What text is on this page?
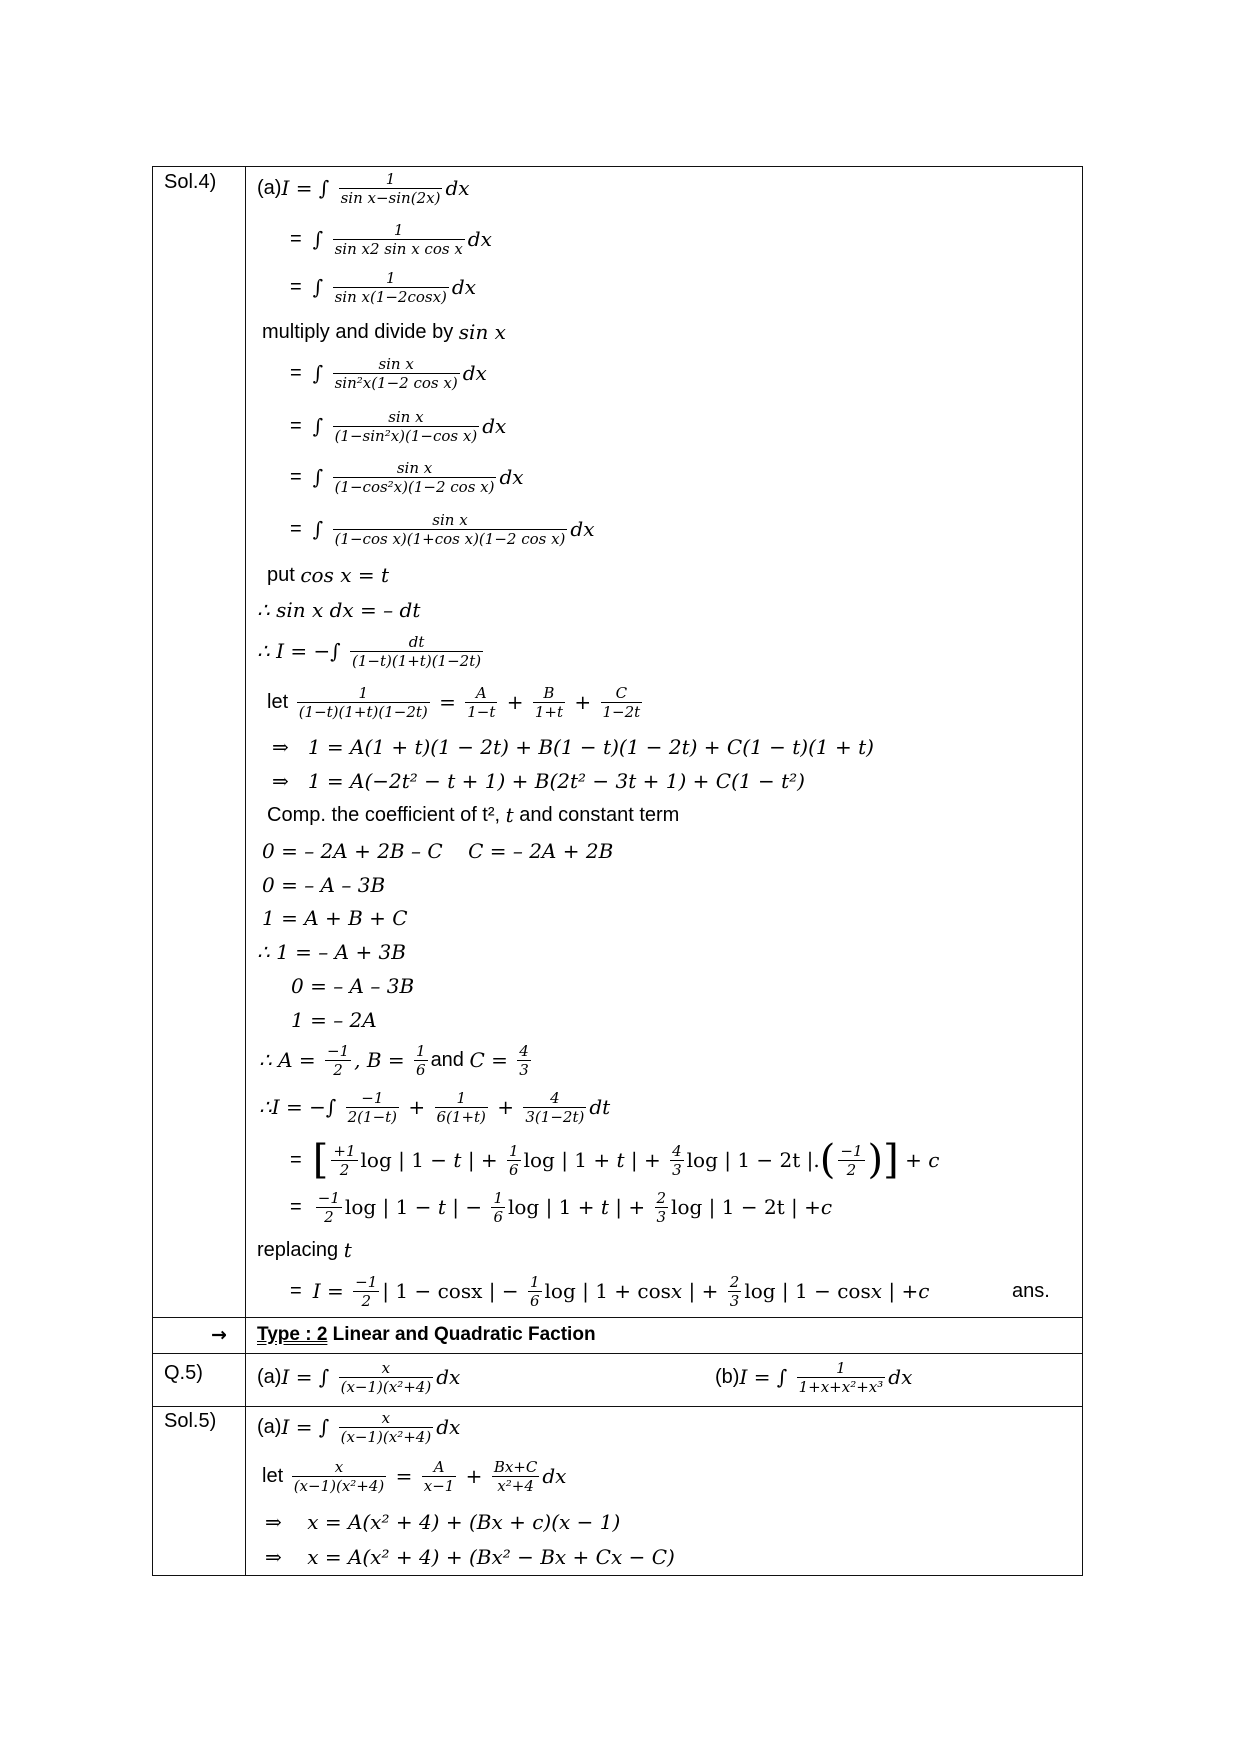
Sol.4) (a) I = ∫ $\frac{1}{\text{sin x−sin(2x)}}$ dx
= ∫ $\frac{1}{\text{sin x2 sin x cos x}}$ dx
= ∫ $\frac{1}{\text{sin x(1−2cosx)}}$ dx
multiply and divide by sin x
= ∫ $\frac{\text{sin x}}{\text{sin²x(1−2 cos x)}}$ dx
= ∫ $\frac{\text{sin x}}{\text{(1−sin²x)(1−cos x)}}$ dx
= ∫ $\frac{\text{sin x}}{\text{(1−cos²x)(1−2 cos x)}}$ dx
= ∫ $\frac{\text{sin x}}{\text{(1−cos x)(1+cos x)(1−2 cos x)}}$ dx
put cos x = t
∴ sin x dx = – dt
∴ I = −∫ $\frac{dt}{(1-t)(1+t)(1-2t)}$
let $\frac{1}{(1-t)(1+t)(1-2t)} = \frac{A}{1-t} + \frac{B}{1+t} + \frac{C}{1-2t}$
⇒   1 = A(1 + t)(1 − 2t) + B(1 − t)(1 − 2t) + C(1 − t)(1 + t)
⇒   1 = A(−2t² − t + 1) + B(2t² − 3t + 1) + C(1 − t²)
Comp. the coefficient of t², t and constant term
0 = – 2A + 2B – C C = – 2A + 2B
0 = – A – 3B
1 = A + B + C
∴ 1 = – A + 3B
0 = – A – 3B
1 = – 2A
∴ $A = \frac{-1}{2}$ , $B = \frac{1}{6}$ and $C = \frac{4}{3}$
∴I = −∫ $\frac{-1}{2(1-t)} + \frac{1}{6(1+t)} + \frac{4}{3(1-2t)}$ dt
= [ $\frac{+1}{2}$ log | 1 − t | + $\frac{1}{6}$ log | 1 + t | + $\frac{4}{3}$ log | 1 − 2t |. ( $\frac{-1}{2}$ ) ] + c
= $\frac{-1}{2}$ log | 1 − t | − $\frac{1}{6}$ log | 1 + t | + $\frac{2}{3}$ log | 1 − 2t | + c
replacing t
= $I = \frac{-1}{2}$ | 1 − cosx | − $\frac{1}{6}$ log | 1 + cos x | + $\frac{2}{3}$ log | 1 − cos x | + c	ans.
→ Type : 2 Linear and Quadratic Faction
Q.5)	(a) I = ∫ $\frac{x}{\text{(x−1)(x²+4)}}$ dx	(b) I = ∫ $\frac{1}{\text{1+x+x²+x³}}$ dx
Sol.5) (a) I = ∫ $\frac{x}{\text{(x−1)(x²+4)}}$ dx
let $\frac{x}{\text{(x−1)(x²+4)}} = \frac{A}{x-1} + \frac{Bx+C}{\text{x²+4}}$ dx
⇒    x = A(x² + 4) + (Bx + c)(x − 1)
⇒    x = A(x² + 4) + (Bx² − Bx + Cx − C)
